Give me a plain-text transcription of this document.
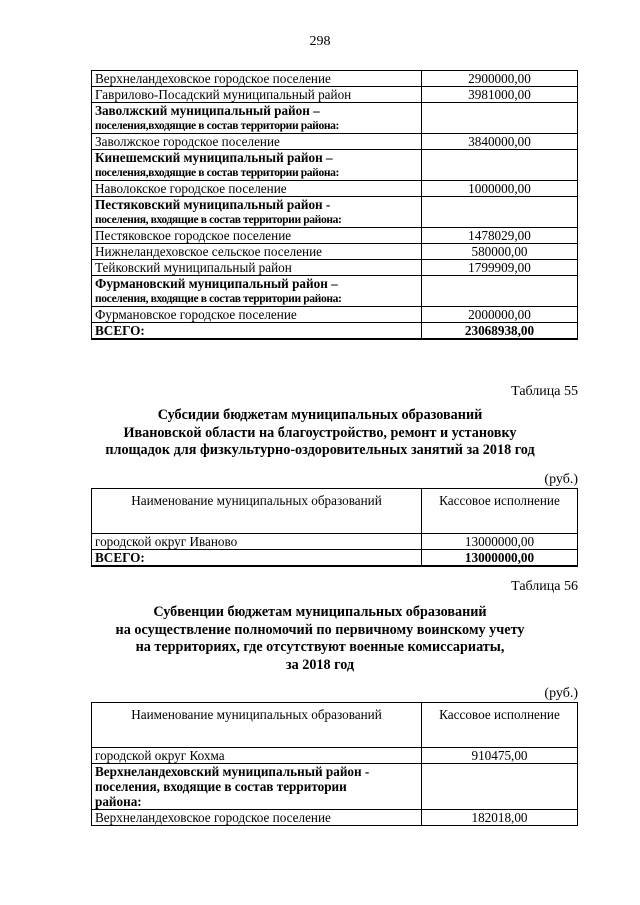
298
Верхнеландеховское городское поселение	2900000,00
Гаврилово-Посадский муниципальный район	3981000,00

Заволжский муниципальный район –
поселения,входящие в состав территории района:	

Заволжское городское поселение	3840000,00

Кинешемский муниципальный район –
поселения,входящие в состав территории района:	

Наволокское городское поселение	1000000,00

Пестяковский муниципальный район -
поселения, входящие в состав территории района:	

Пестяковское городское поселение	1478029,00
Нижнеландеховское сельское поселение	580000,00
Тейковский муниципальный район	1799909,00

Фурмановский муниципальный район –
поселения, входящие в состав территории района:	

Фурмановское городское поселение	2000000,00
ВСЕГО:	23068938,00
Таблица 55
Субсидии бюджетам муниципальных образований
Ивановской области на благоустройство, ремонт и установку
площадок для физкультурно-оздоровительных занятий за 2018 год
(руб.)
Наименование муниципальных образований	Кассовое исполнение
городской округ Иваново	13000000,00
ВСЕГО:	13000000,00
Таблица 56
Субвенции бюджетам муниципальных образований
на осуществление полномочий по первичному воинскому учету
на территориях, где отсутствуют военные комиссариаты,
за 2018 год
(руб.)
Наименование муниципальных образований	Кассовое исполнение
городской округ Кохма	910475,00

Верхнеландеховский муниципальный район -
поселения, входящие в состав территории
района:	

Верхнеландеховское городское поселение	182018,00
